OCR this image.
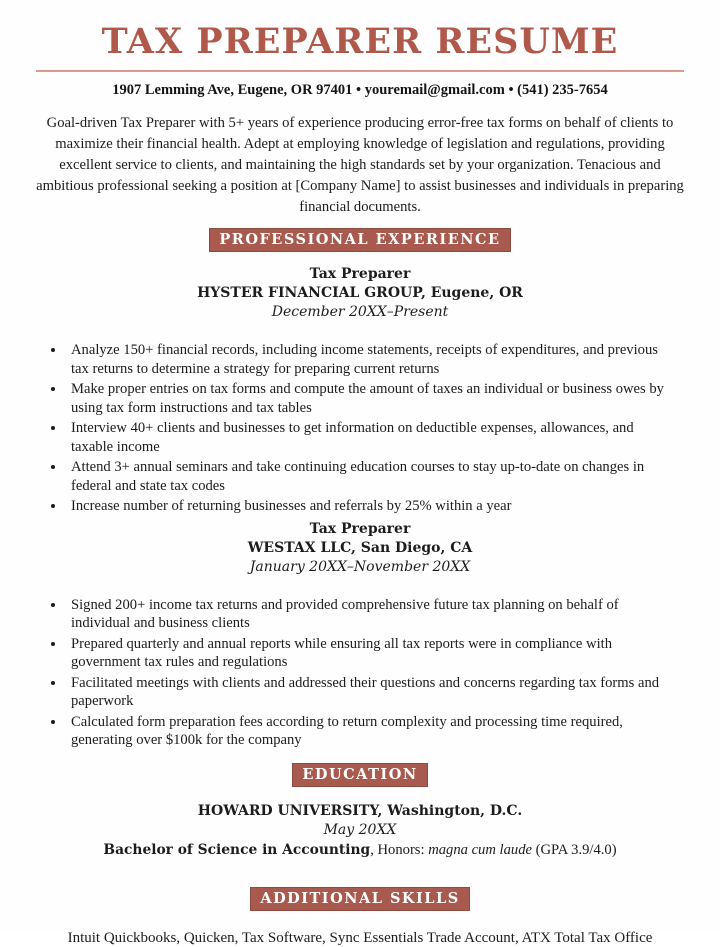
TAX PREPARER RESUME
1907 Lemming Ave, Eugene, OR 97401 • youremail@gmail.com • (541) 235-7654

Goal-driven Tax Preparer with 5+ years of experience producing error-free tax forms on behalf of clients to maximize their financial health. Adept at employing knowledge of legislation and regulations, providing excellent service to clients, and maintaining the high standards set by your organization. Tenacious and ambitious professional seeking a position at [Company Name] to assist businesses and individuals in preparing financial documents.

PROFESSIONAL EXPERIENCE
Tax Preparer
HYSTER FINANCIAL GROUP, Eugene, OR
December 20XX–Present
• Analyze 150+ financial records, including income statements, receipts of expenditures, and previous tax returns to determine a strategy for preparing current returns
• Make proper entries on tax forms and compute the amount of taxes an individual or business owes by using tax form instructions and tax tables
• Interview 40+ clients and businesses to get information on deductible expenses, allowances, and taxable income
• Attend 3+ annual seminars and take continuing education courses to stay up-to-date on changes in federal and state tax codes
• Increase number of returning businesses and referrals by 25% within a year
Tax Preparer
WESTAX LLC, San Diego, CA
January 20XX–November 20XX
• Signed 200+ income tax returns and provided comprehensive future tax planning on behalf of individual and business clients
• Prepared quarterly and annual reports while ensuring all tax reports were in compliance with government tax rules and regulations
• Facilitated meetings with clients and addressed their questions and concerns regarding tax forms and paperwork
• Calculated form preparation fees according to return complexity and processing time required, generating over $100k for the company
EDUCATION
HOWARD UNIVERSITY, Washington, D.C.
May 20XX
Bachelor of Science in Accounting, Honors: magna cum laude (GPA 3.9/4.0)
ADDITIONAL SKILLS
Intuit Quickbooks, Quicken, Tax Software, Sync Essentials Trade Account, ATX Total Tax Office
